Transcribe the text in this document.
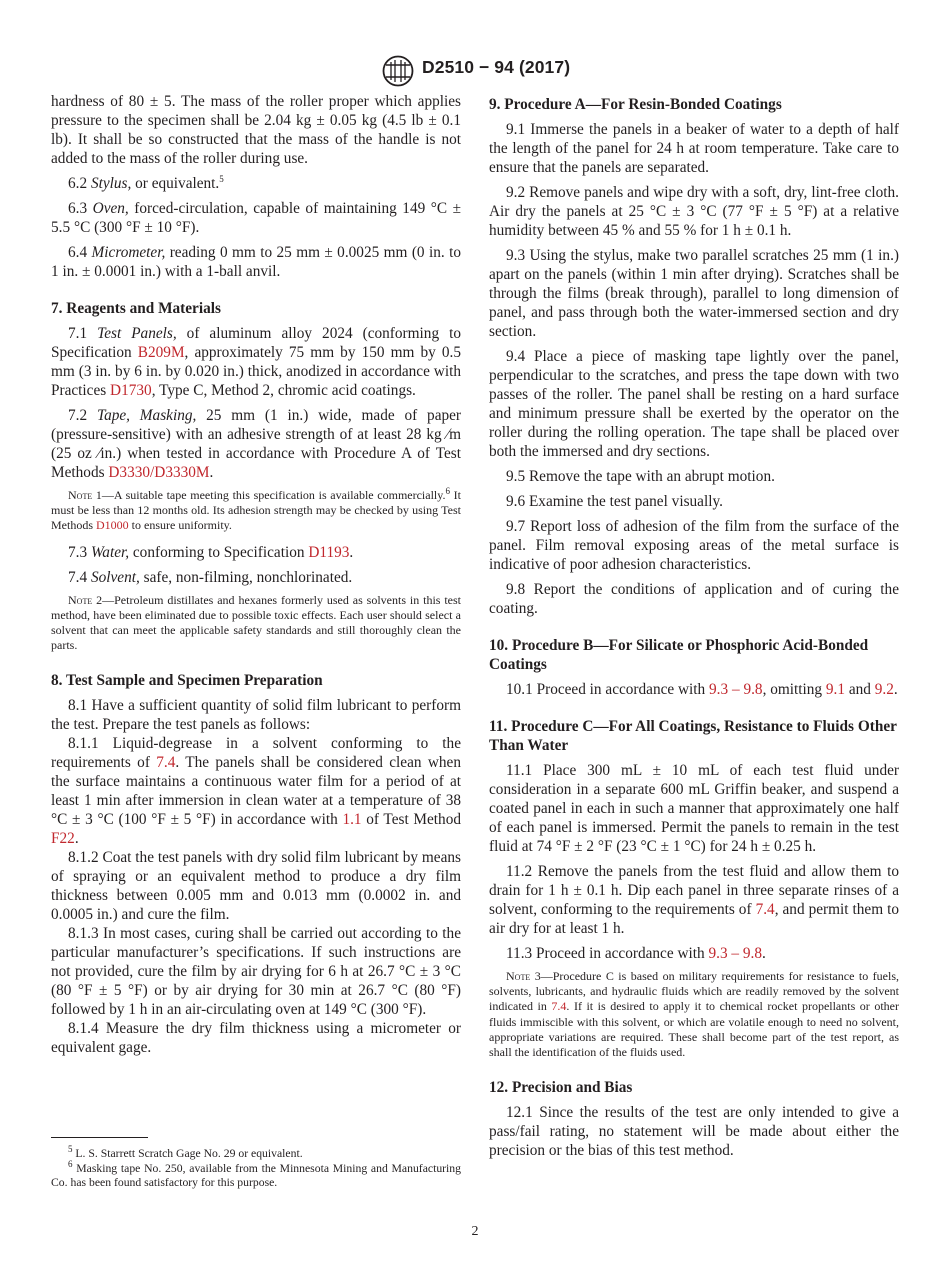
D2510 − 94 (2017)

hardness of 80 ± 5. The mass of the roller proper which applies pressure to the specimen shall be 2.04 kg ± 0.05 kg (4.5 lb ± 0.1 lb). It shall be so constructed that the mass of the handle is not added to the mass of the roller during use.

6.2 Stylus, or equivalent.$^5$

6.3 Oven, forced-circulation, capable of maintaining 149 °C ± 5.5 °C (300 °F ± 10 °F).

6.4 Micrometer, reading 0 mm to 25 mm ± 0.0025 mm (0 in. to 1 in. ± 0.0001 in.) with a 1-ball anvil.

7. Reagents and Materials

7.1 Test Panels, of aluminum alloy 2024 (conforming to Specification B209M, approximately 75 mm by 150 mm by 0.5 mm (3 in. by 6 in. by 0.020 in.) thick, anodized in accordance with Practices D1730, Type C, Method 2, chromic acid coatings.

7.2 Tape, Masking, 25 mm (1 in.) wide, made of paper (pressure-sensitive) with an adhesive strength of at least 28 kg ⁄m (25 oz ⁄in.) when tested in accordance with Procedure A of Test Methods D3330/D3330M.

Note 1—A suitable tape meeting this specification is available commercially.$^6$ It must be less than 12 months old. Its adhesion strength may be checked by using Test Methods D1000 to ensure uniformity.

7.3 Water, conforming to Specification D1193.

7.4 Solvent, safe, non-filming, nonchlorinated.

Note 2—Petroleum distillates and hexanes formerly used as solvents in this test method, have been eliminated due to possible toxic effects. Each user should select a solvent that can meet the applicable safety standards and still thoroughly clean the parts.

8. Test Sample and Specimen Preparation

8.1 Have a sufficient quantity of solid film lubricant to perform the test. Prepare the test panels as follows:

8.1.1 Liquid-degrease in a solvent conforming to the requirements of 7.4. The panels shall be considered clean when the surface maintains a continuous water film for a period of at least 1 min after immersion in clean water at a temperature of 38 °C ± 3 °C (100 °F ± 5 °F) in accordance with 1.1 of Test Method F22.

8.1.2 Coat the test panels with dry solid film lubricant by means of spraying or an equivalent method to produce a dry film thickness between 0.005 mm and 0.013 mm (0.0002 in. and 0.0005 in.) and cure the film.

8.1.3 In most cases, curing shall be carried out according to the particular manufacturer’s specifications. If such instructions are not provided, cure the film by air drying for 6 h at 26.7 °C ± 3 °C (80 °F ± 5 °F) or by air drying for 30 min at 26.7 °C (80 °F) followed by 1 h in an air-circulating oven at 149 °C (300 °F).

8.1.4 Measure the dry film thickness using a micrometer or equivalent gage.

9. Procedure A—For Resin-Bonded Coatings

9.1 Immerse the panels in a beaker of water to a depth of half the length of the panel for 24 h at room temperature. Take care to ensure that the panels are separated.

9.2 Remove panels and wipe dry with a soft, dry, lint-free cloth. Air dry the panels at 25 °C ± 3 °C (77 °F ± 5 °F) at a relative humidity between 45 % and 55 % for 1 h ± 0.1 h.

9.3 Using the stylus, make two parallel scratches 25 mm (1 in.) apart on the panels (within 1 min after drying). Scratches shall be through the films (break through), parallel to long dimension of panel, and pass through both the water-immersed section and dry section.

9.4 Place a piece of masking tape lightly over the panel, perpendicular to the scratches, and press the tape down with two passes of the roller. The panel shall be resting on a hard surface and minimum pressure shall be exerted by the operator on the roller during the rolling operation. The tape shall be placed over both the immersed and dry sections.

9.5 Remove the tape with an abrupt motion.

9.6 Examine the test panel visually.

9.7 Report loss of adhesion of the film from the surface of the panel. Film removal exposing areas of the metal surface is indicative of poor adhesion characteristics.

9.8 Report the conditions of application and of curing the coating.

10. Procedure B—For Silicate or Phosphoric Acid-Bonded Coatings

10.1 Proceed in accordance with 9.3 – 9.8, omitting 9.1 and 9.2.

11. Procedure C—For All Coatings, Resistance to Fluids Other Than Water

11.1 Place 300 mL ± 10 mL of each test fluid under consideration in a separate 600 mL Griffin beaker, and suspend a coated panel in each in such a manner that approximately one half of each panel is immersed. Permit the panels to remain in the test fluid at 74 °F ± 2 °F (23 °C ± 1 °C) for 24 h ± 0.25 h.

11.2 Remove the panels from the test fluid and allow them to drain for 1 h ± 0.1 h. Dip each panel in three separate rinses of a solvent, conforming to the requirements of 7.4, and permit them to air dry for at least 1 h.

11.3 Proceed in accordance with 9.3 – 9.8.

Note 3—Procedure C is based on military requirements for resistance to fuels, solvents, lubricants, and hydraulic fluids which are readily removed by the solvent indicated in 7.4. If it is desired to apply it to chemical rocket propellants or other fluids immiscible with this solvent, or which are volatile enough to need no solvent, appropriate variations are required. These shall become part of the test report, as shall the identification of the fluids used.

12. Precision and Bias

12.1 Since the results of the test are only intended to give a pass/fail rating, no statement will be made about either the precision or the bias of this test method.

$^5$ L. S. Starrett Scratch Gage No. 29 or equivalent.

$^6$ Masking tape No. 250, available from the Minnesota Mining and Manufacturing Co. has been found satisfactory for this purpose.

2
